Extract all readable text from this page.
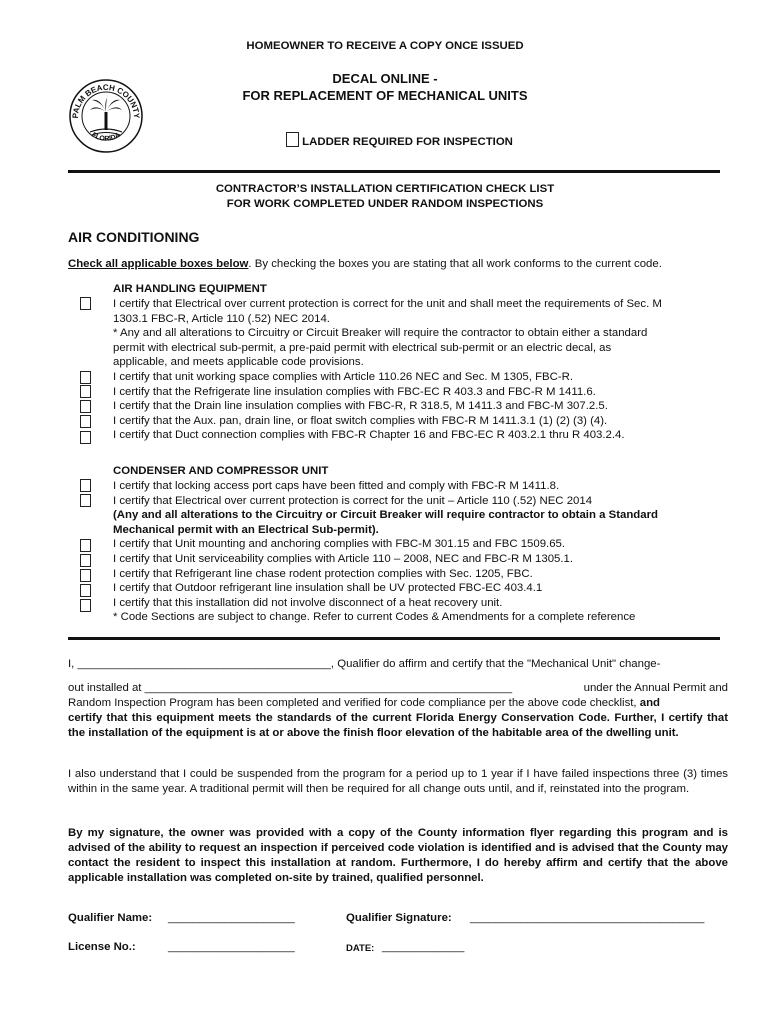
HOMEOWNER TO RECEIVE A COPY ONCE ISSUED
PALM BEACH COUNTY
FLORIDA
DECAL ONLINE -
FOR REPLACEMENT OF MECHANICAL UNITS
LADDER REQUIRED FOR INSPECTION
CONTRACTOR’S INSTALLATION CERTIFICATION CHECK LIST
FOR WORK COMPLETED UNDER RANDOM INSPECTIONS
AIR CONDITIONING
Check all applicable boxes below. By checking the boxes you are stating that all work conforms to the current code.
AIR HANDLING EQUIPMENT
I certify that Electrical over current protection is correct for the unit and shall meet the requirements of Sec. M
1303.1 FBC-R, Article 110 (.52) NEC 2014.
* Any and all alterations to Circuitry or Circuit Breaker will require the contractor to obtain either a standard
permit with electrical sub-permit, a pre-paid permit with electrical sub-permit or an electric decal, as
applicable, and meets applicable code provisions.
I certify that unit working space complies with Article 110.26 NEC and Sec. M 1305, FBC-R.
I certify that the Refrigerate line insulation complies with FBC-EC R 403.3 and FBC-R M 1411.6.
I certify that the Drain line insulation complies with FBC-R, R 318.5, M 1411.3 and FBC-M 307.2.5.
I certify that the Aux. pan, drain line, or float switch complies with FBC-R M 1411.3.1 (1) (2) (3) (4).
I certify that Duct connection complies with FBC-R Chapter 16 and FBC-EC R 403.2.1 thru R 403.2.4.
CONDENSER AND COMPRESSOR UNIT
I certify that locking access port caps have been fitted and comply with FBC-R M 1411.8.
I certify that Electrical over current protection is correct for the unit – Article 110 (.52) NEC 2014
(Any and all alterations to the Circuitry or Circuit Breaker will require contractor to obtain a Standard
Mechanical permit with an Electrical Sub-permit).
I certify that Unit mounting and anchoring complies with FBC-M 301.15 and FBC 1509.65.
I certify that Unit serviceability complies with Article 110 – 2008, NEC and FBC-R M 1305.1.
I certify that Refrigerant line chase rodent protection complies with Sec. 1205, FBC.
I certify that Outdoor refrigerant line insulation shall be UV protected FBC-EC 403.4.1
I certify that this installation did not involve disconnect of a heat recovery unit.
* Code Sections are subject to change. Refer to current Codes & Amendments for a complete reference
I, ________________________________________, Qualifier do affirm and certify that the "Mechanical Unit" change-
out installed at __________________________________________________________	under the Annual Permit and
Random Inspection Program has been completed and verified for code compliance per the above code checklist, and
certify that this equipment meets the standards of the current Florida Energy Conservation Code. Further, I certify that the installation of the equipment is at or above the finish floor elevation of the habitable area of the dwelling unit.
I also understand that I could be suspended from the program for a period up to 1 year if I have failed inspections three (3) times within in the same year. A traditional permit will then be required for all change outs until, and if, reinstated into the program.
By my signature, the owner was provided with a copy of the County information flyer regarding this program and is advised of the ability to request an inspection if perceived code violation is identified and is advised that the County may contact the resident to inspect this installation at random. Furthermore, I do hereby affirm and certify that the above applicable installation was completed on-site by trained, qualified personnel.
Qualifier Name: ____________________	Qualifier Signature: _____________________________________
License No.:	____________________	DATE: _____________
